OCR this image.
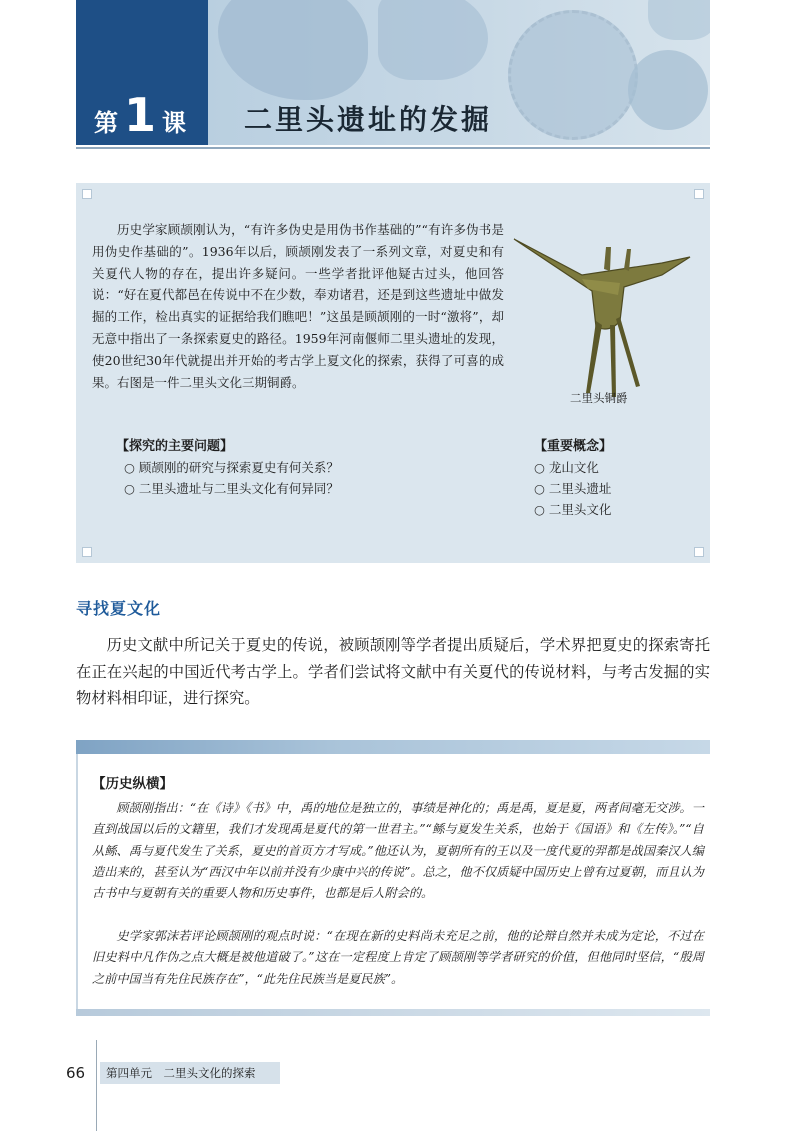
第 1 课 二里头遗址的发掘

历史学家顾颉刚认为，“有许多伪史是用伪书作基础的”“有许多伪书是用伪史作基础的”。1936年以后，顾颉刚发表了一系列文章，对夏史和有关夏代人物的存在，提出许多疑问。一些学者批评他疑古过头，他回答说：“好在夏代都邑在传说中不在少数，奉劝诸君，还是到这些遗址中做发掘的工作，检出真实的证据给我们瞧吧！”这虽是顾颉刚的一时“激将”，却无意中指出了一条探索夏史的路径。1959年河南偃师二里头遗址的发现，使20世纪30年代就提出并开始的考古学上夏文化的探索，获得了可喜的成果。右图是一件二里头文化三期铜爵。

二里头铜爵
【探究的主要问题】
○ 顾颉刚的研究与探索夏史有何关系？
○ 二里头遗址与二里头文化有何异同？
【重要概念】
○ 龙山文化
○ 二里头遗址
○ 二里头文化
寻找夏文化

历史文献中所记关于夏史的传说，被顾颉刚等学者提出质疑后，学术界把夏史的探索寄托在正在兴起的中国近代考古学上。学者们尝试将文献中有关夏代的传说材料，与考古发掘的实物材料相印证，进行探究。

【历史纵横】

顾颉刚指出：“在《诗》《书》中，禹的地位是独立的，事绩是神化的；禹是禹，夏是夏，两者间毫无交涉。一直到战国以后的文籍里，我们才发现禹是夏代的第一世君主。”“鲧与夏发生关系，也始于《国语》和《左传》。”“自从鲧、禹与夏代发生了关系，夏史的首页方才写成。”他还认为，夏朝所有的王以及一度代夏的羿都是战国秦汉人编造出来的，甚至认为“西汉中年以前并没有少康中兴的传说”。总之，他不仅质疑中国历史上曾有过夏朝，而且认为古书中与夏朝有关的重要人物和历史事件，也都是后人附会的。

史学家郭沫若评论顾颉刚的观点时说：“在现在新的史料尚未充足之前，他的论辩自然并未成为定论，不过在旧史料中凡作伪之点大概是被他道破了。”这在一定程度上肯定了顾颉刚等学者研究的价值，但他同时坚信，“殷周之前中国当有先住民族存在”，“此先住民族当是夏民族”。

66	第四单元　二里头文化的探索
